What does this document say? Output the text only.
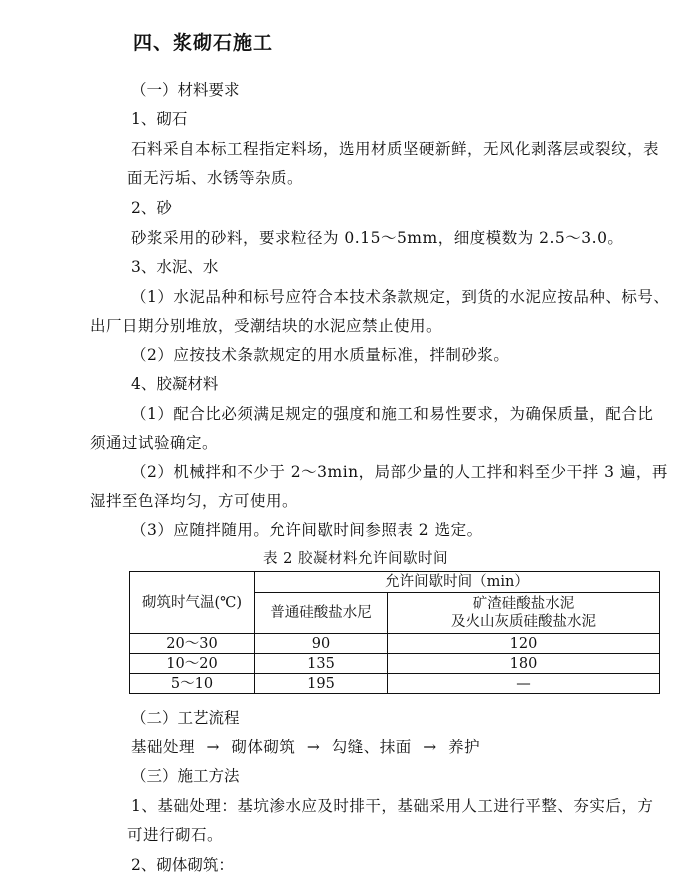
四、浆砌石施工
（一）材料要求
1、砌石
石料采自本标工程指定料场，选用材质坚硬新鲜，无风化剥落层或裂纹，表
面无污垢、水锈等杂质。
2、砂
砂浆采用的砂料，要求粒径为 0.15～5mm，细度模数为 2.5～3.0。
3、水泥、水
（1）水泥品种和标号应符合本技术条款规定，到货的水泥应按品种、标号、
出厂日期分别堆放，受潮结块的水泥应禁止使用。
（2）应按技术条款规定的用水质量标准，拌制砂浆。
4、胶凝材料
（1）配合比必须满足规定的强度和施工和易性要求，为确保质量，配合比
须通过试验确定。
（2）机械拌和不少于 2～3min，局部少量的人工拌和料至少干拌 3 遍，再
湿拌至色泽均匀，方可使用。
（3）应随拌随用。允许间歇时间参照表 2 选定。
表 2 胶凝材料允许间歇时间
砌筑时气温(℃)	允许间歇时间（min）	
	普通硅酸盐水尼	矿渣硅酸盐水泥
及火山灰质硅酸盐水泥

20～30	90	120
10～20	135	180
5～10	195	—
（二）工艺流程
基础处理 → 砌体砌筑 → 勾缝、抹面 → 养护
（三）施工方法
1、基础处理：基坑渗水应及时排干，基础采用人工进行平整、夯实后，方
可进行砌石。
2、砌体砌筑：
